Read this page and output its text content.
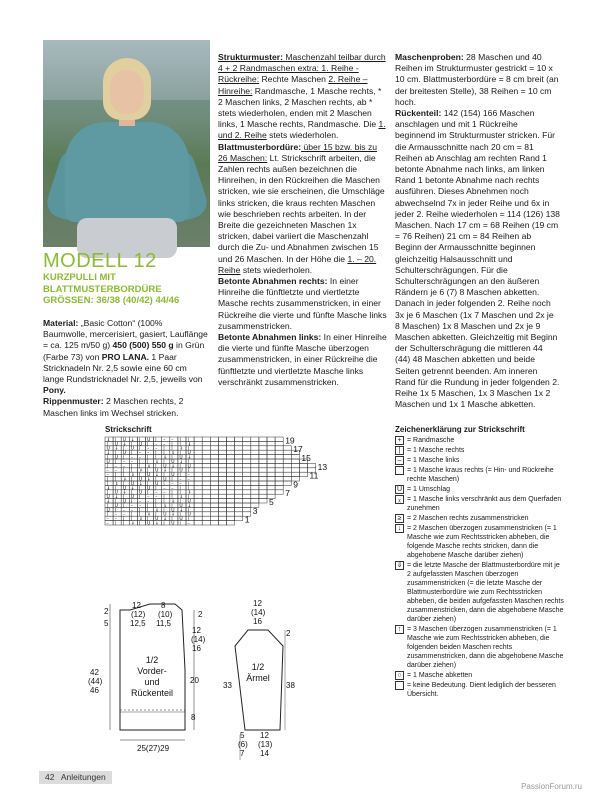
MODELL 12
KURZPULLI MIT
BLATTMUSTERBORDÜRE
GRÖSSEN: 36/38 (40/42) 44/46

Material: „Basic Cotton“ (100% Baumwolle, mercerisiert, gasiert, Lauflänge = ca. 125 m/50 g) 450 (500) 550 g in Grün (Farbe 73) von PRO LANA. 1 Paar Stricknadeln Nr. 2,5 sowie eine 60 cm lange Rundstricknadel Nr. 2,5, jeweils von Pony.

Rippenmuster: 2 Maschen rechts, 2 Maschen links im Wechsel stricken.

Strukturmuster: Maschenzahl teilbar durch 4 + 2 Randmaschen extra: 1. Reihe - Rückreihe: Rechte Maschen 2. Reihe – Hinreihe: Randmasche, 1 Masche rechts, * 2 Maschen links, 2 Maschen rechts, ab * stets wiederholen, enden mit 2 Maschen links, 1 Masche rechts, Randmasche. Die 1. und 2. Reihe stets wiederholen.

Blattmusterbordüre: über 15 bzw. bis zu 26 Maschen: Lt. Strickschrift arbeiten, die Zahlen rechts außen bezeichnen die Hinreihen, in den Rückreihen die Maschen stricken, wie sie erscheinen, die Umschläge links stricken, die kraus rechten Maschen wie beschrieben rechts arbeiten. In der Breite die gezeichneten Maschen 1x stricken, dabei variiert die Maschenzahl durch die Zu- und Abnahmen zwischen 15 und 26 Maschen. In der Höhe die 1. – 20. Reihe stets wiederholen.

Betonte Abnahmen rechts: In einer Hinreihe die fünftletzte und viertletzte Masche rechts zusammenstricken, in einer Rückreihe die vierte und fünfte Masche links zusammenstricken.

Betonte Abnahmen links: In einer Hinreihe die vierte und fünfte Masche überzogen zusammenstricken, in einer Rückreihe die fünftletzte und viertletzte Masche links verschränkt zusammenstricken.

Maschenproben: 28 Maschen und 40 Reihen im Strukturmuster gestrickt = 10 x 10 cm. Blattmusterbordüre = 8 cm breit (an der breitesten Stelle), 38 Reihen = 10 cm hoch.

Rückenteil: 142 (154) 166 Maschen anschlagen und mit 1 Rückreihe beginnend im Strukturmuster stricken. Für die Armausschnitte nach 20 cm = 81 Reihen ab Anschlag am rechten Rand 1 betonte Abnahme nach links, am linken Rand 1 betonte Abnahme nach rechts ausführen. Dieses Abnehmen noch abwechselnd 7x in jeder Reihe und 6x in jeder 2. Reihe wiederholen = 114 (126) 138 Maschen. Nach 17 cm = 68 Reihen (19 cm = 76 Reihen) 21 cm = 84 Reihen ab Beginn der Armausschnitte beginnen gleichzeitig Halsausschnitt und Schulterschrägungen. Für die Schulterschrägungen an den äußeren Rändern je 6 (7) 8 Maschen abketten. Danach in jeder folgenden 2. Reihe noch 3x je 6 Maschen (1x 7 Maschen und 2x je 8 Maschen) 1x 8 Maschen und 2x je 9 Maschen abketten. Gleichzeitig mit Beginn der Schulterschrägung die mittleren 44 (44) 48 Maschen abketten und beide Seiten getrennt beenden. Am inneren Rand für die Rundung in jeder folgenden 2. Reihe 1x 5 Maschen, 1x 3 Maschen 1x 2 Maschen und 1x 1 Masche abketten.

Strickschrift
⇓ | U ↓ | U | – – | |
| U ↓ | U | – – | | ⇓
U ↓ | U | – – | | ⇓ |
↓ | U | – – | | ⇓ | U
| U | – – | | ⇓ | U ↓
U | – – | | ⇓ | U ↓ |
| – – | | ⇓ | U ↓ | U
– – | | ⇓ | U ↓ | U |
– | | ⇓ | U ↓ | U | –
| | ⇓ | U ↓ | U | – –
| ⇓ | U ↓ | U | – – |
⇓ | U ↓ | U | – – | |
| U ↓ | U | – – | | ⇓
U ↓ | U | – – | | ⇓ |
↓ | U | – – | | ⇓ | U
| U | – – | | ⇓ | U ↓
U | – – | | ⇓ | U ↓ |
| – – | | ⇓ | U ↓ | U
– – | | ⇓ | U ↓ | U |
– | | ⇓ | U ↓ | U | –
19
17
15
13
11
9
7
5
3
1
Zeichenerklärung zur Strickschrift
+ = Randmasche
| = 1 Masche rechts
– = 1 Masche links
= 1 Masche kraus rechts (= Hin- und Rückreihe rechte Maschen)
U = 1 Umschlag
ᵪ = 1 Masche links verschränkt aus dem Querfaden zunehmen
≥ = 2 Maschen rechts zusammenstricken
↓ = 2 Maschen überzogen zusammenstricken (= 1 Masche wie zum Rechtsstricken abheben, die folgende Masche rechts stricken, dann die abgehobene Masche darüber ziehen)
⇓ = die letzte Masche der Blattmusterbordüre mit je 2 aufgefassten Maschen überzogen zusammenstricken (= die letzte Masche der Blattmusterbordüre wie zum Rechtsstricken abheben, die beiden aufgefassten Maschen rechts zusammenstricken, dann die abgehobene Masche darüber ziehen)
↑ = 3 Maschen überzogen zusammenstricken (= 1 Masche wie zum Rechtsstricken abheben, die folgenden beiden Maschen rechts zusammenstricken, dann die abgehobene Masche darüber ziehen)
○ = 1 Masche abketten
= keine Bedeutung. Dient lediglich der besseren Übersicht.
1/2
Vorder-
und
Rückenteil
12
(12)
12,5
8
(10)
11,5
2
5
2
12
(14)
16
42
(44)
46
20
8
25(27)29
1/2
Ärmel
12
(14)
16
2
33	38
5
(6)
7
12
(13)
14
42 Anleitungen
PassionForum.ru
